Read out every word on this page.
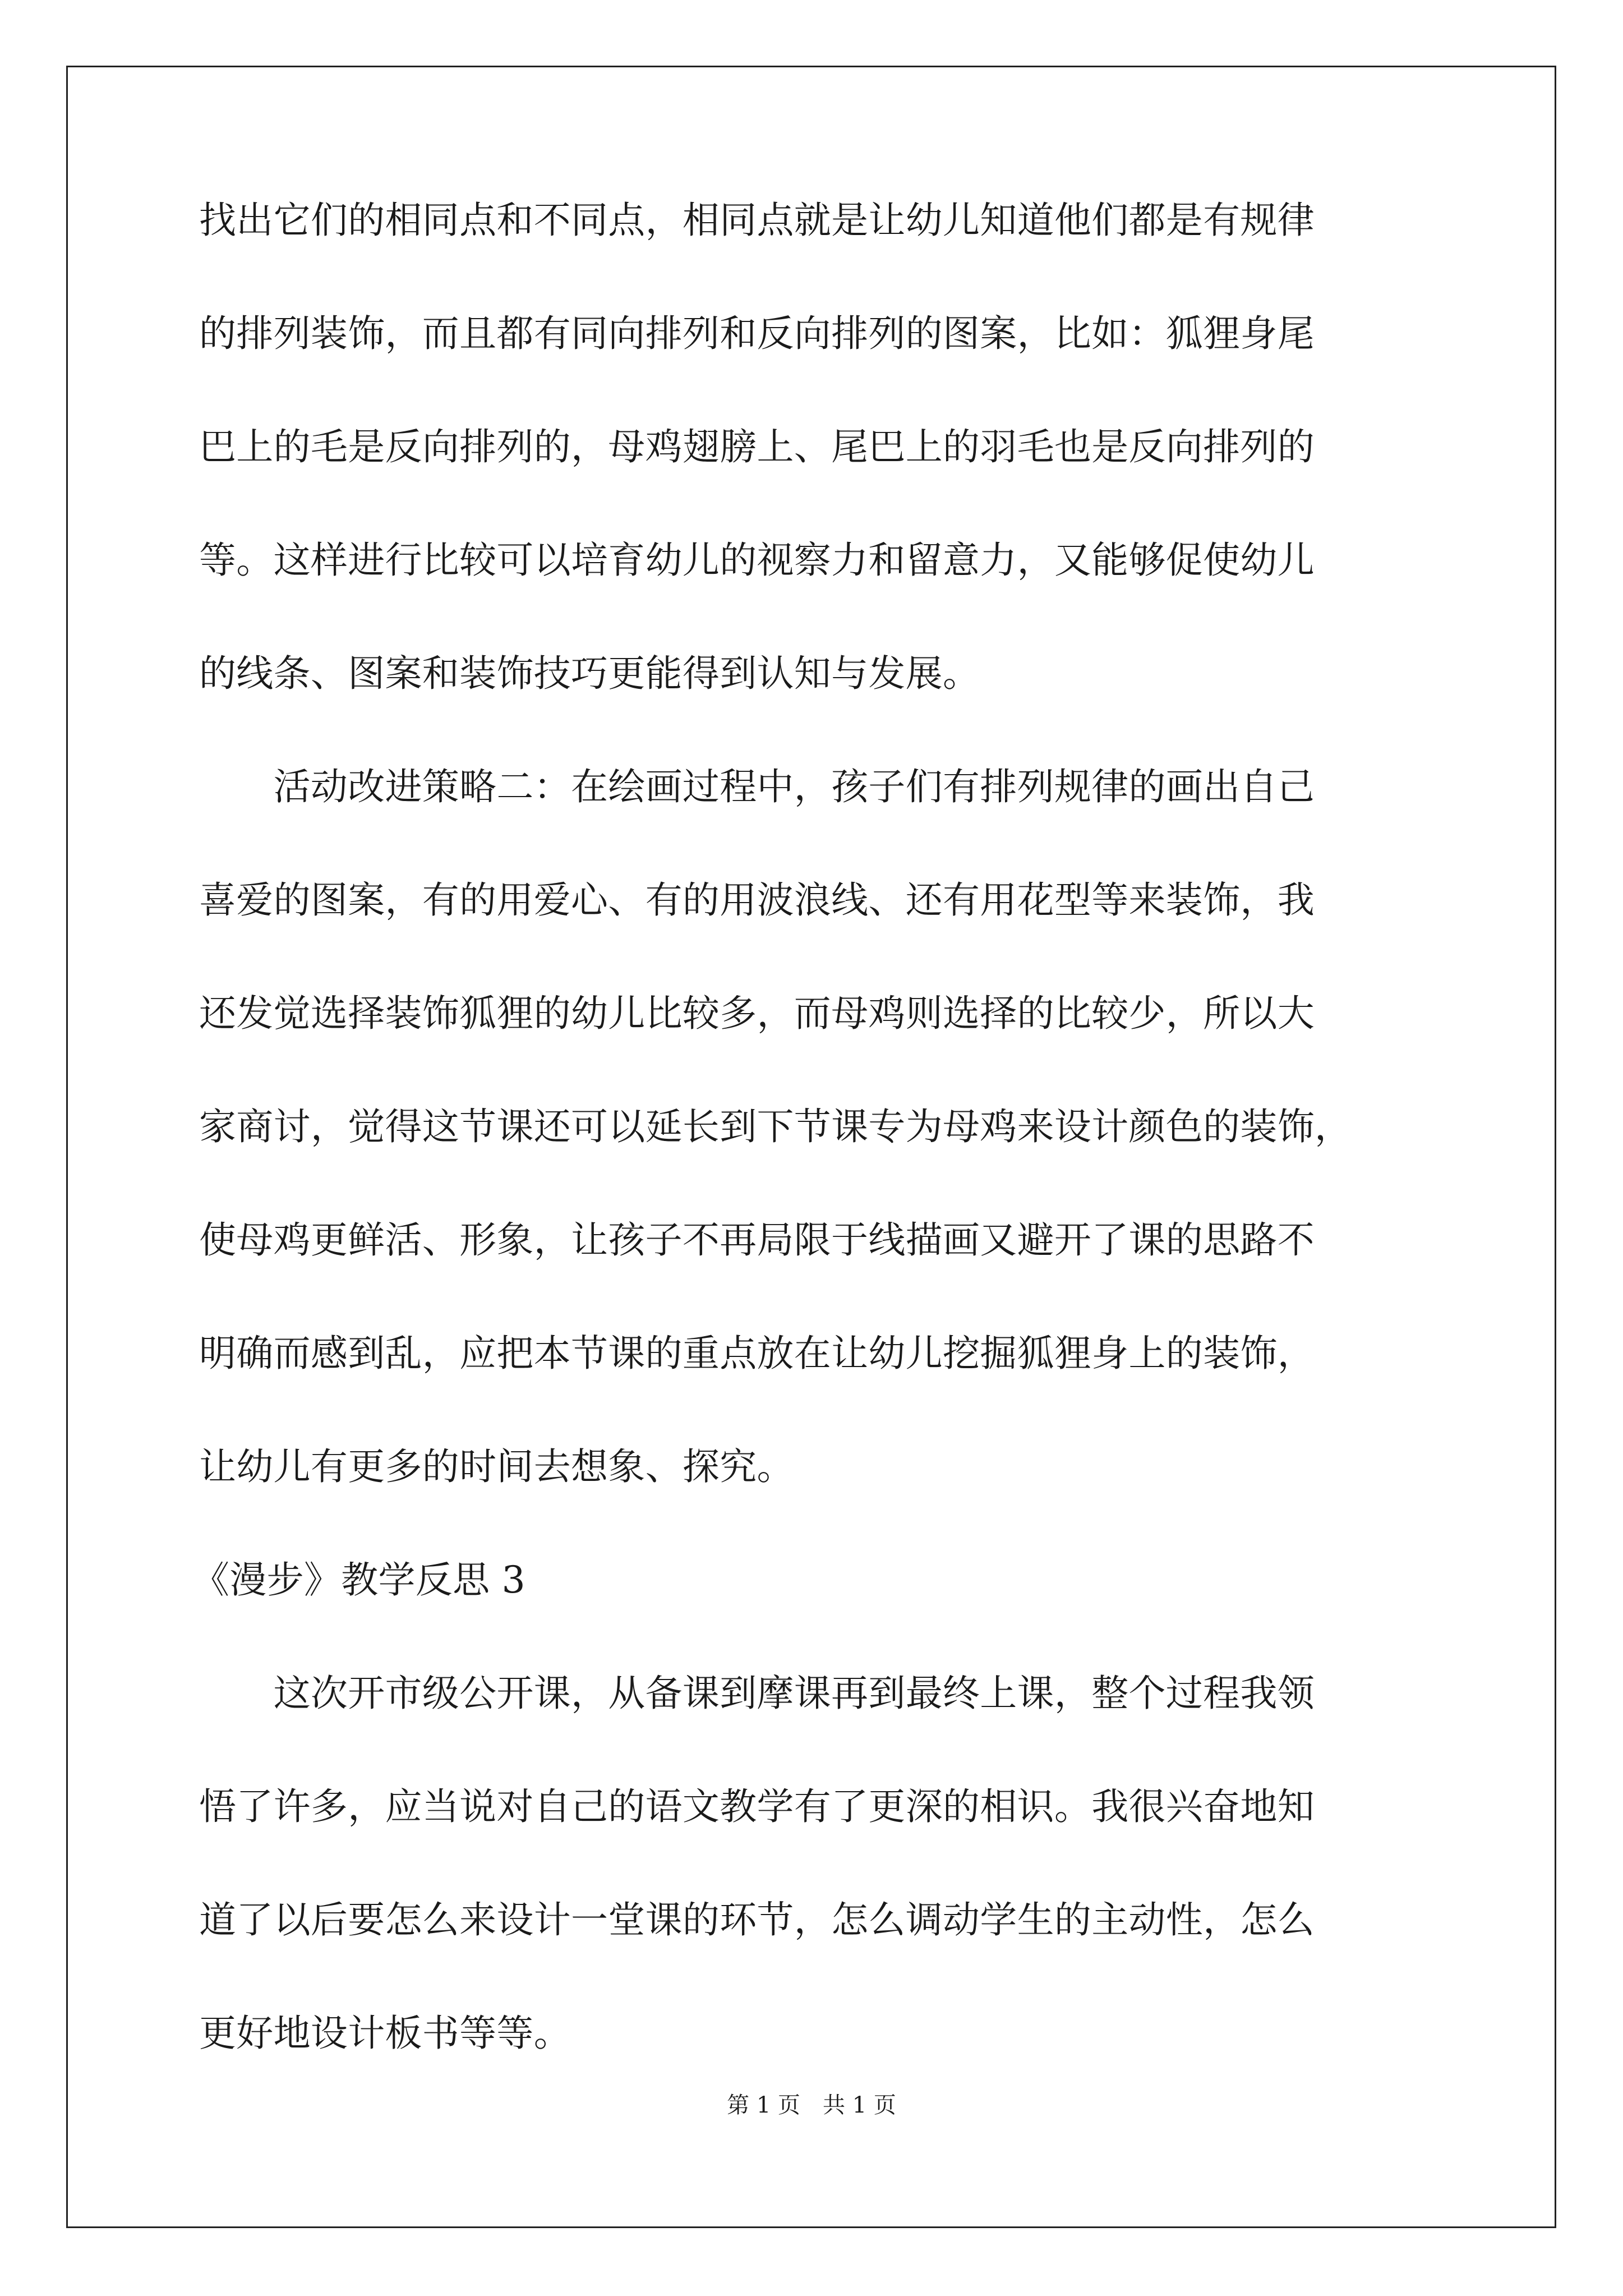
找出它们的相同点和不同点，相同点就是让幼儿知道他们都是有规律
的排列装饰，而且都有同向排列和反向排列的图案，比如：狐狸身尾
巴上的毛是反向排列的，母鸡翅膀上、尾巴上的羽毛也是反向排列的
等。这样进行比较可以培育幼儿的视察力和留意力，又能够促使幼儿
的线条、图案和装饰技巧更能得到认知与发展。
　　活动改进策略二：在绘画过程中，孩子们有排列规律的画出自己
喜爱的图案，有的用爱心、有的用波浪线、还有用花型等来装饰，我
还发觉选择装饰狐狸的幼儿比较多，而母鸡则选择的比较少，所以大
家商讨，觉得这节课还可以延长到下节课专为母鸡来设计颜色的装饰，
使母鸡更鲜活、形象，让孩子不再局限于线描画又避开了课的思路不
明确而感到乱，应把本节课的重点放在让幼儿挖掘狐狸身上的装饰，
让幼儿有更多的时间去想象、探究。
《漫步》教学反思 3
　　这次开市级公开课，从备课到摩课再到最终上课，整个过程我领
悟了许多，应当说对自己的语文教学有了更深的相识。我很兴奋地知
道了以后要怎么来设计一堂课的环节，怎么调动学生的主动性，怎么
更好地设计板书等等。
第 1 页　共 1 页
